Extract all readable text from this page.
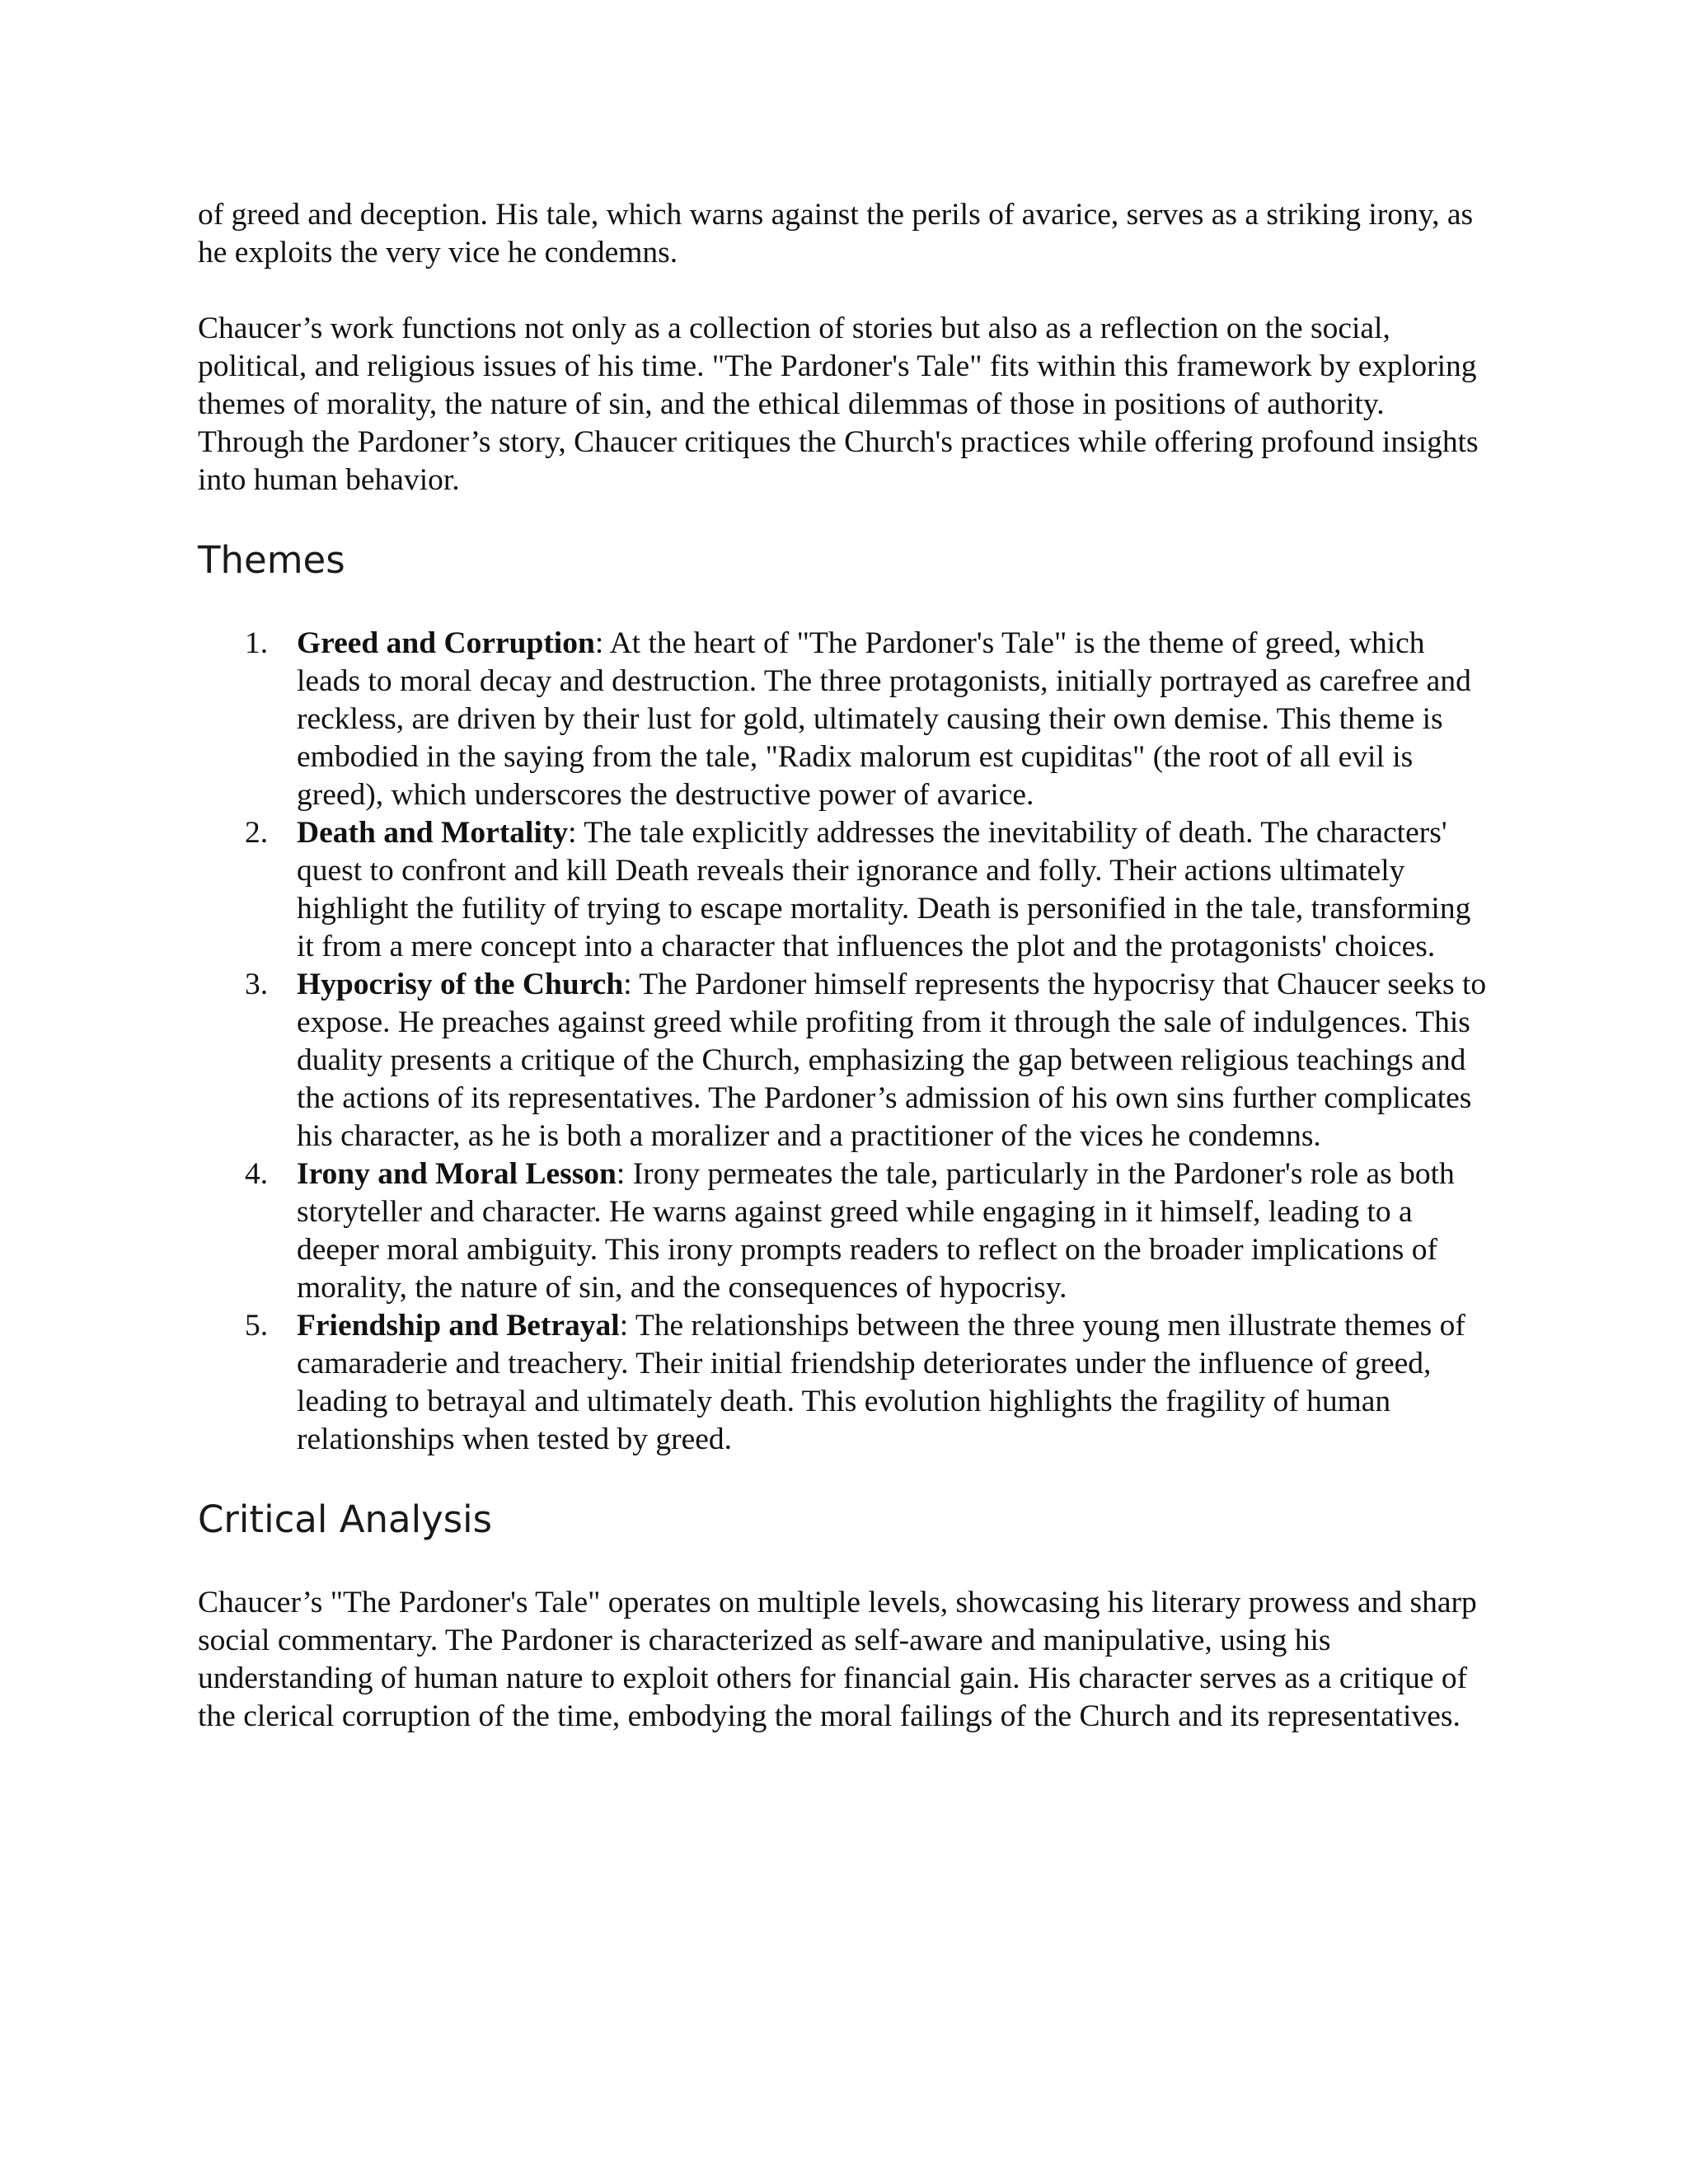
of greed and deception. His tale, which warns against the perils of avarice, serves as a striking irony, as he exploits the very vice he condemns.

Chaucer’s work functions not only as a collection of stories but also as a reflection on the social, political, and religious issues of his time. "The Pardoner's Tale" fits within this framework by exploring themes of morality, the nature of sin, and the ethical dilemmas of those in positions of authority. Through the Pardoner’s story, Chaucer critiques the Church's practices while offering profound insights into human behavior.

Themes
1. Greed and Corruption: At the heart of "The Pardoner's Tale" is the theme of greed, which leads to moral decay and destruction. The three protagonists, initially portrayed as carefree and reckless, are driven by their lust for gold, ultimately causing their own demise. This theme is embodied in the saying from the tale, "Radix malorum est cupiditas" (the root of all evil is greed), which underscores the destructive power of avarice.
2. Death and Mortality: The tale explicitly addresses the inevitability of death. The characters' quest to confront and kill Death reveals their ignorance and folly. Their actions ultimately highlight the futility of trying to escape mortality. Death is personified in the tale, transforming it from a mere concept into a character that influences the plot and the protagonists' choices.
3. Hypocrisy of the Church: The Pardoner himself represents the hypocrisy that Chaucer seeks to expose. He preaches against greed while profiting from it through the sale of indulgences. This duality presents a critique of the Church, emphasizing the gap between religious teachings and the actions of its representatives. The Pardoner’s admission of his own sins further complicates his character, as he is both a moralizer and a practitioner of the vices he condemns.
4. Irony and Moral Lesson: Irony permeates the tale, particularly in the Pardoner's role as both storyteller and character. He warns against greed while engaging in it himself, leading to a deeper moral ambiguity. This irony prompts readers to reflect on the broader implications of morality, the nature of sin, and the consequences of hypocrisy.
5. Friendship and Betrayal: The relationships between the three young men illustrate themes of camaraderie and treachery. Their initial friendship deteriorates under the influence of greed, leading to betrayal and ultimately death. This evolution highlights the fragility of human relationships when tested by greed.
Critical Analysis

Chaucer’s "The Pardoner's Tale" operates on multiple levels, showcasing his literary prowess and sharp social commentary. The Pardoner is characterized as self-aware and manipulative, using his understanding of human nature to exploit others for financial gain. His character serves as a critique of the clerical corruption of the time, embodying the moral failings of the Church and its representatives.
